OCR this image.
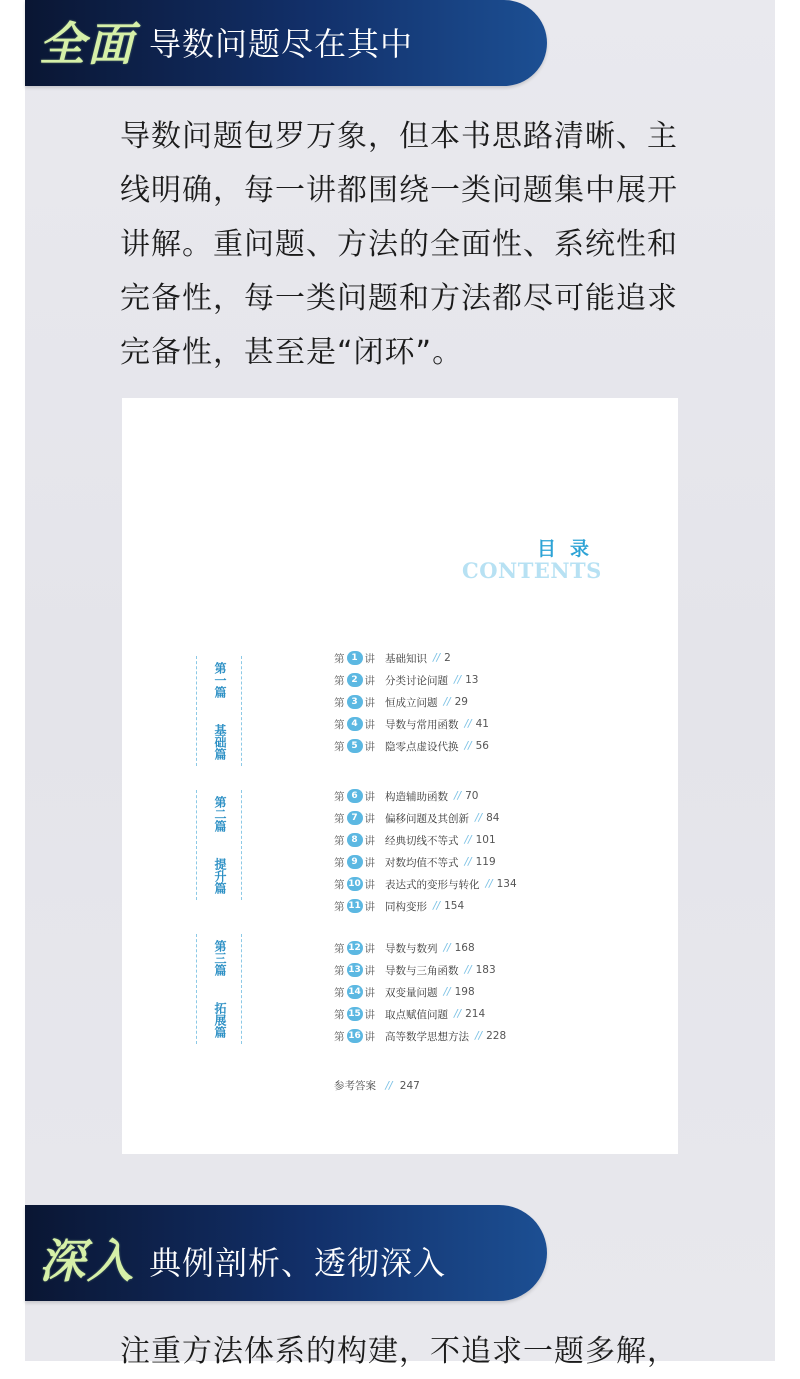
全面 导数问题尽在其中
导数问题包罗万象，但本书思路清晰、主线明确，每一讲都围绕一类问题集中展开讲解。重问题、方法的全面性、系统性和完备性，每一类问题和方法都尽可能追求完备性，甚至是“闭环”。
目录
CONTENTS
第一篇
基础篇
第二篇
提升篇
第三篇
拓展篇
第 1 讲 基础知识 // 2
第 2 讲 分类讨论问题 // 13
第 3 讲 恒成立问题 // 29
第 4 讲 导数与常用函数 // 41
第 5 讲 隐零点虚设代换 // 56
第 6 讲 构造辅助函数 // 70
第 7 讲 偏移问题及其创新 // 84
第 8 讲 经典切线不等式 // 101
第 9 讲 对数均值不等式 // 119
第 10 讲 表达式的变形与转化 // 134
第 11 讲 同构变形 // 154
第 12 讲 导数与数列 // 168
第 13 讲 导数与三角函数 // 183
第 14 讲 双变量问题 // 198
第 15 讲 取点赋值问题 // 214
第 16 讲 高等数学思想方法 // 228
参考答案 // 247
深入 典例剖析、透彻深入
注重方法体系的构建，不追求一题多解，
